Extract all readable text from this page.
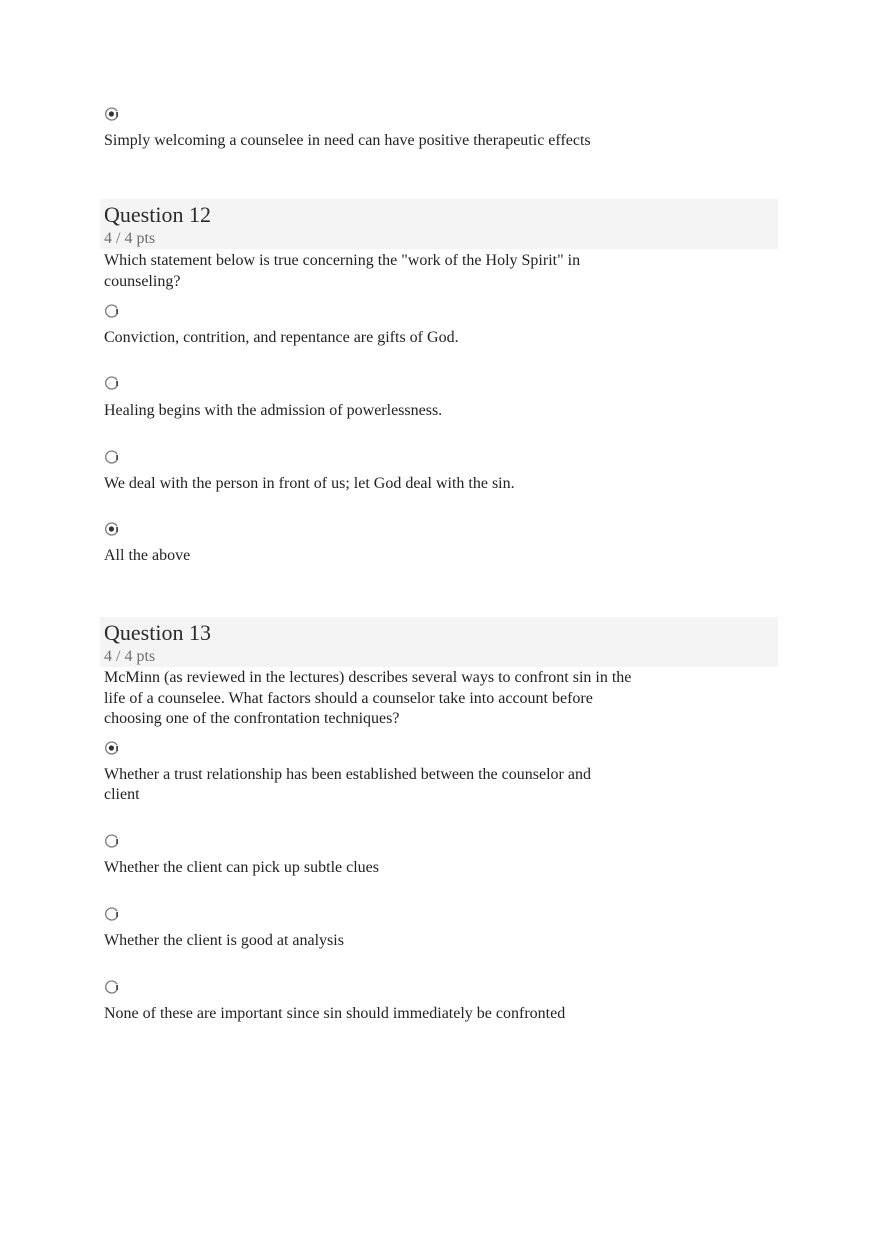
Simply welcoming a counselee in need can have positive therapeutic effects
Question 12
4 / 4 pts
Which statement below is true concerning the "work of the Holy Spirit" in counseling?
Conviction, contrition, and repentance are gifts of God.
Healing begins with the admission of powerlessness.
We deal with the person in front of us; let God deal with the sin.
All the above
Question 13
4 / 4 pts
McMinn (as reviewed in the lectures) describes several ways to confront sin in the life of a counselee. What factors should a counselor take into account before choosing one of the confrontation techniques?
Whether a trust relationship has been established between the counselor and client
Whether the client can pick up subtle clues
Whether the client is good at analysis
None of these are important since sin should immediately be confronted
